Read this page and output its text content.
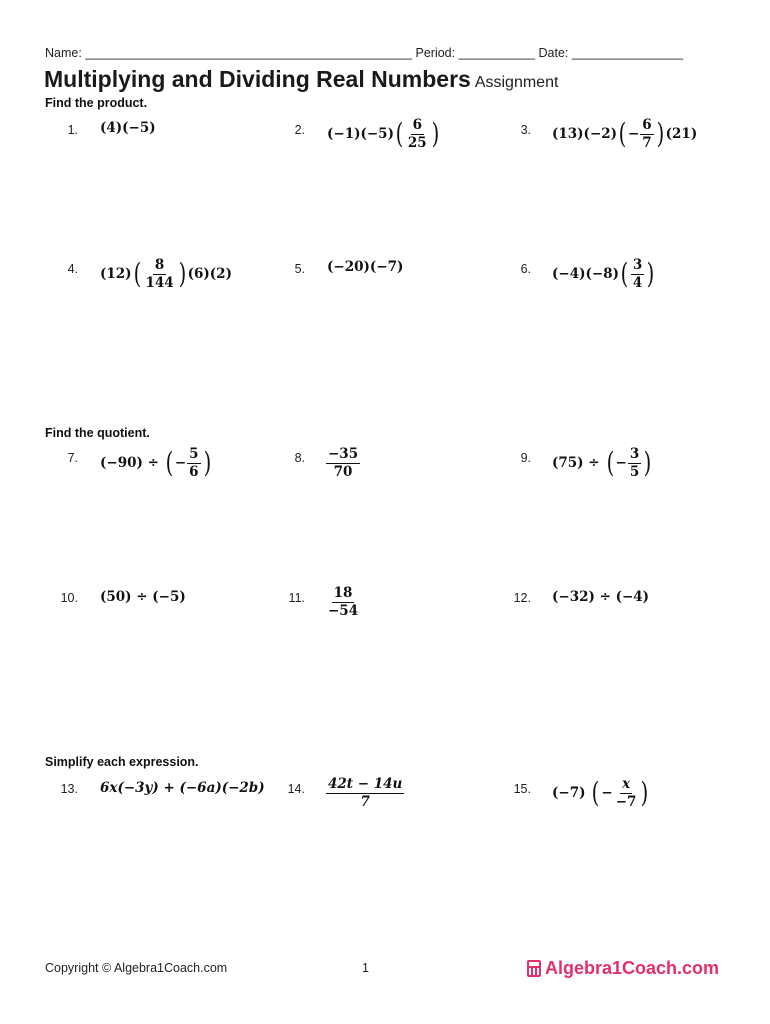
Name: _______________________________________________ Period: ___________ Date: ________________
Multiplying and Dividing Real Numbers Assignment
Find the product.
1. (4)(−5)	2. (−1)(−5) ( $\frac{6}{25}$ )	3. (13)(−2) ( − $\frac{6}{7}$ ) (21)
4. (12) ( $\frac{8}{144}$ ) (6)(2)	5. (−20)(−7)	6. (−4)(−8) ( $\frac{3}{4}$ )
Find the quotient.
7. (−90) ÷ ( − $\frac{5}{6}$ )	8. $\frac{-35}{70}$	9. (75) ÷ ( − $\frac{3}{5}$ )
10. (50) ÷ (−5)	11. $\frac{18}{-54}$	12. (−32) ÷ (−4)
Simplify each expression.
13. 6x(−3y) + (−6a)(−2b)	14. $\frac{42t - 14u}{7}$	15. (−7) ( − $\frac{x}{-7}$ )
Copyright © Algebra1Coach.com	1	Algebra1Coach.com
